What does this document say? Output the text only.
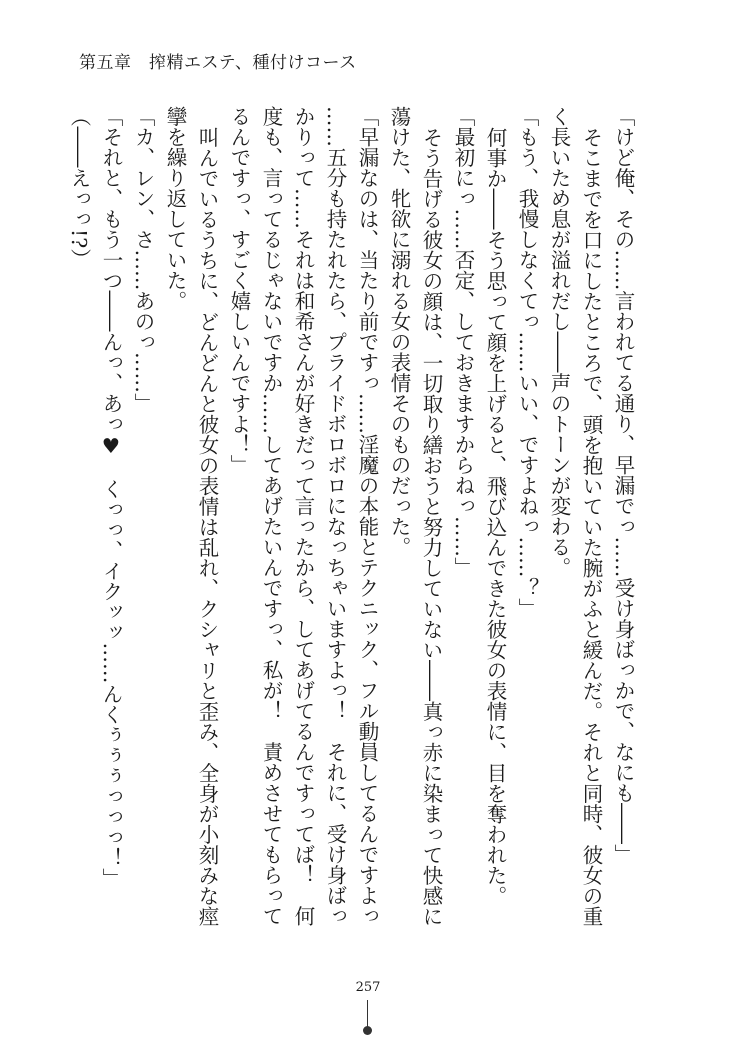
第五章　搾精エステ、種付けコース

「けど俺、その……言われてる通り、早漏でっ……受け身ばっかで、なにも――」

そこまでを口にしたところで、頭を抱いていた腕がふと緩んだ。それと同時、彼女の重

く長いため息が溢れだし――声のトーンが変わる。

「もう、我慢しなくてっ……いい、ですよねっ……？」

何事か――そう思って顔を上げると、飛び込んできた彼女の表情に、目を奪われた。

「最初にっ……否定、しておきますからねっ……」

そう告げる彼女の顔は、一切取り繕おうと努力していない――真っ赤に染まって快感に

蕩けた、牝欲に溺れる女の表情そのものだった。

「早漏なのは、当たり前ですっ……淫魔の本能とテクニック、フル動員してるんですよっ

……五分も持たれたら、プライドボロボロになっちゃいますよっ！　それに、受け身ばっ

かりって……それは和希さんが好きだって言ったから、してあげてるんですってば！　何

度も、言ってるじゃないですか……してあげたいんですっ、私が！　責めさせてもらって

るんですっ、すごく嬉しいんですよ！」

叫んでいるうちに、どんどんと彼女の表情は乱れ、クシャリと歪み、全身が小刻みな痙

攣を繰り返していた。

「カ、レン、さ……あのっ……」

「それと、もう一つ――んっ、あっ♥　くっっ、イクッッ……んくぅぅぅっっっ！」

（――えっっ!?）

257
